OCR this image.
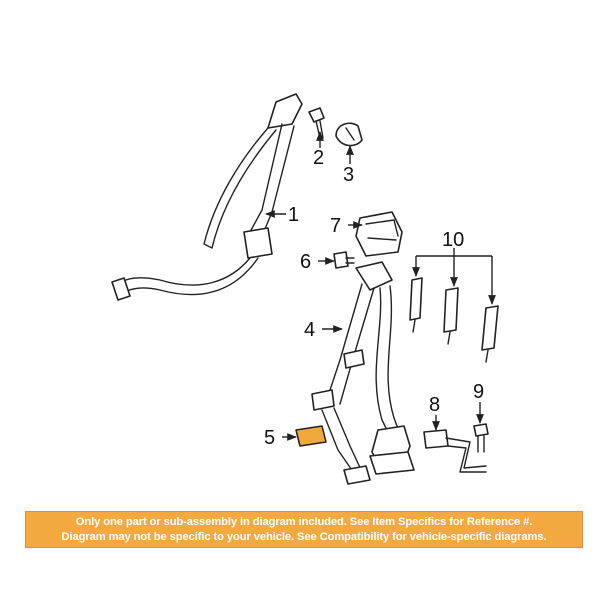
1
2
3
7
6
4
5
10
8
9
Only one part or sub-assembly in diagram included. See Item Specifics for Reference #.
Diagram may not be specific to your vehicle. See Compatibility for vehicle-specific diagrams.
